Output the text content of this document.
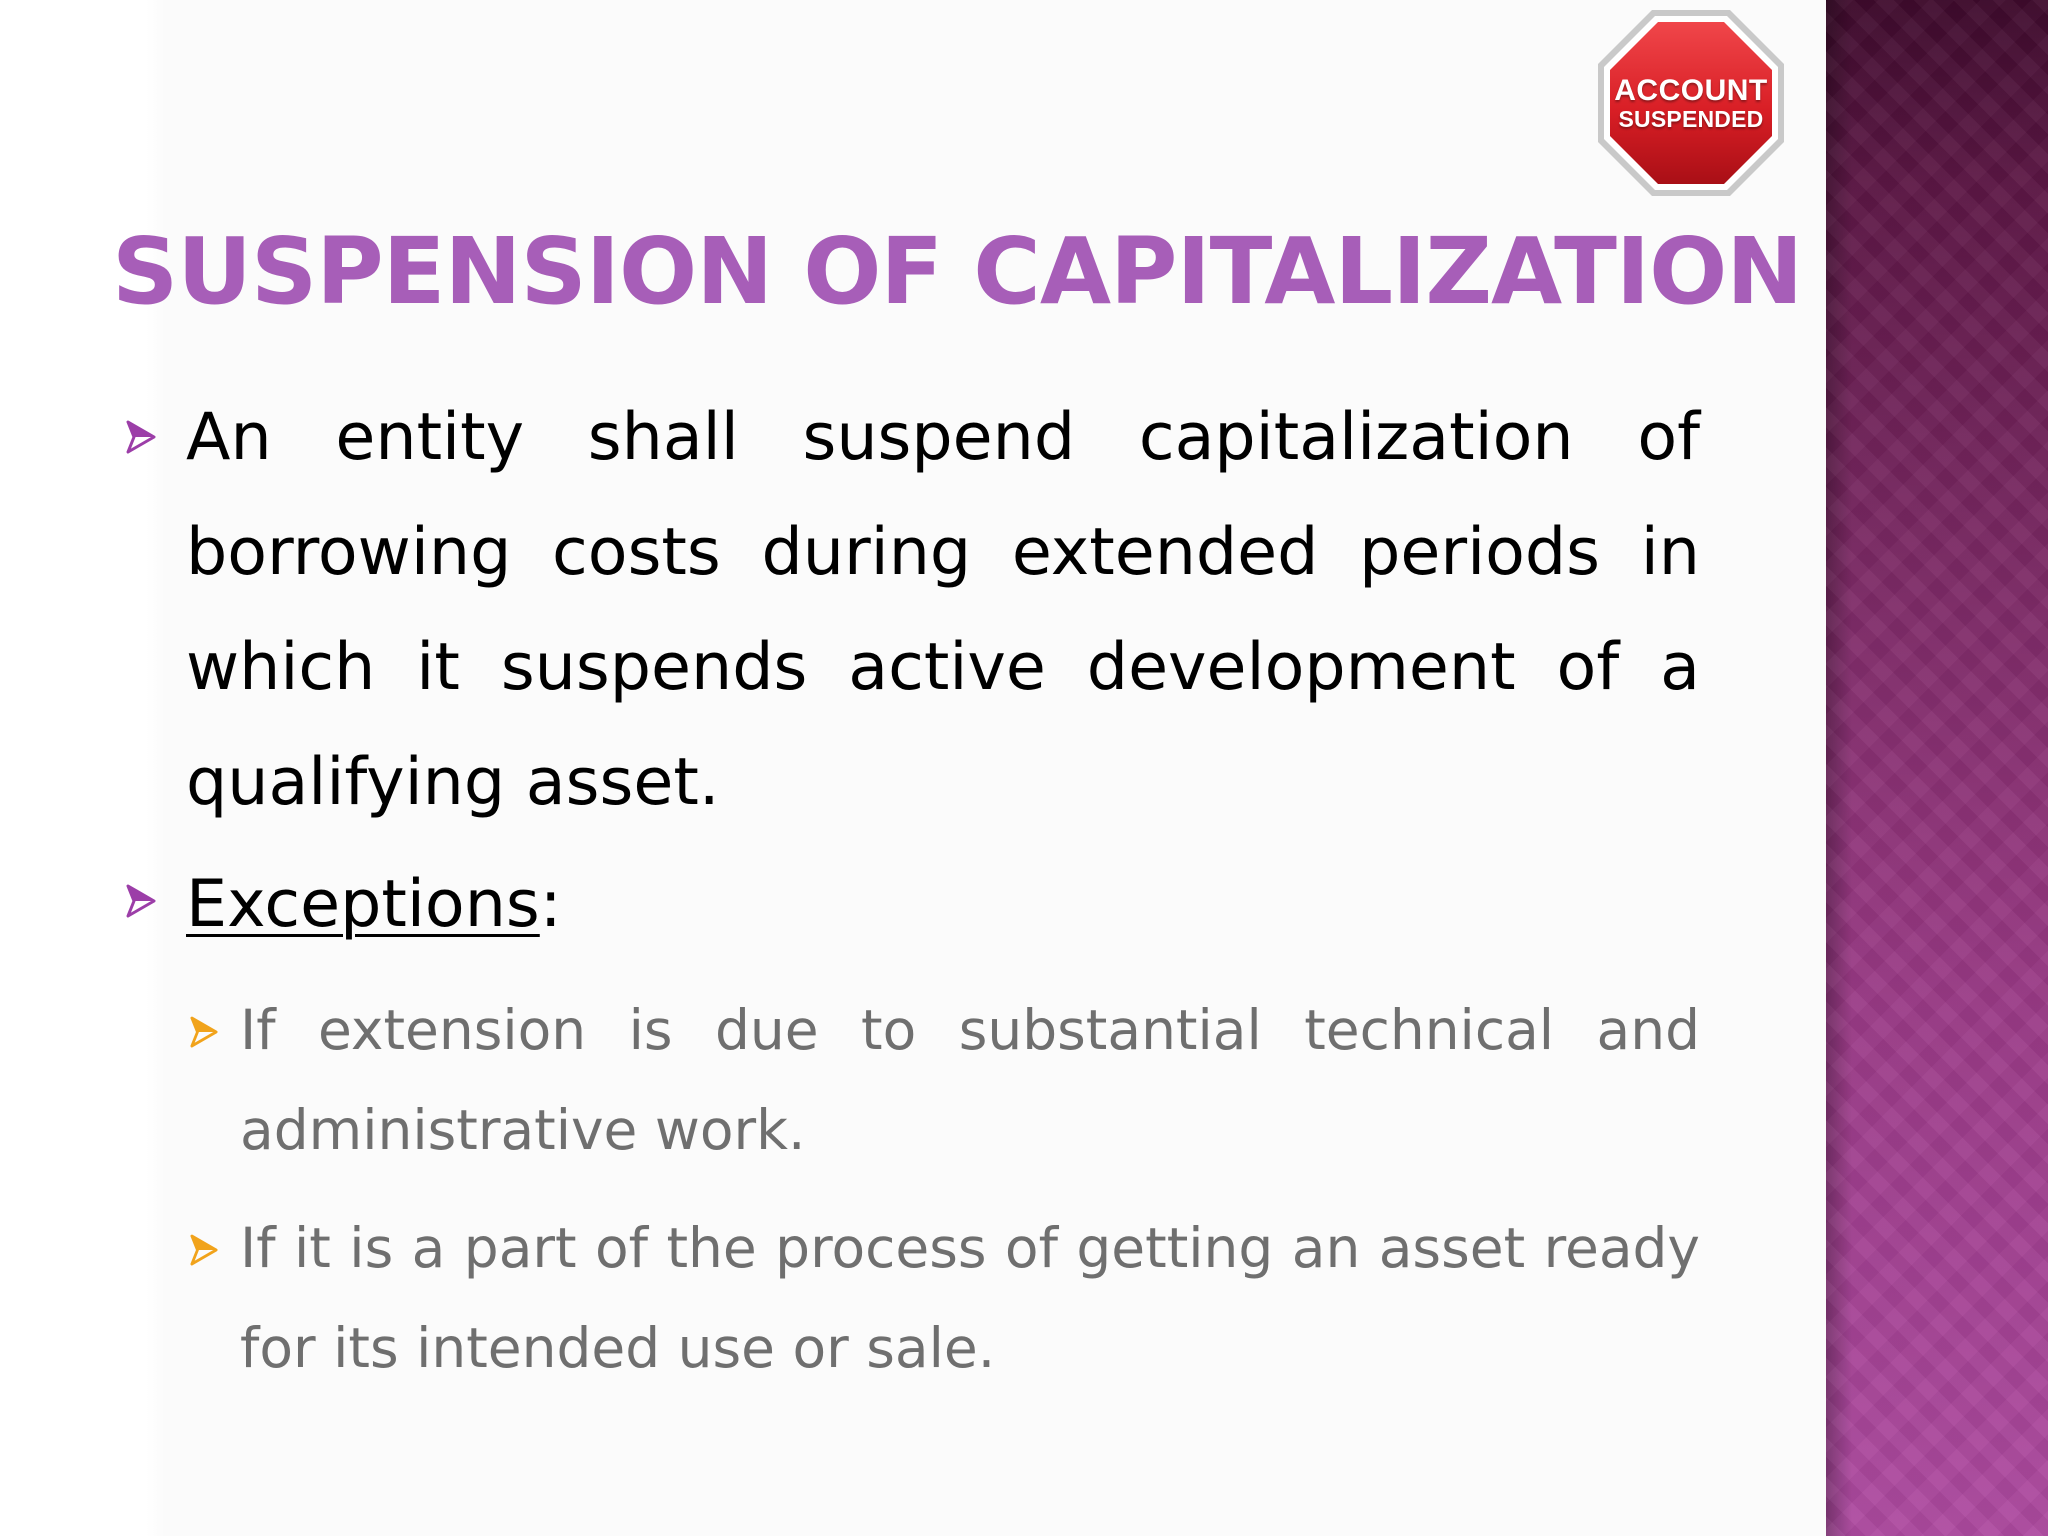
ACCOUNT
SUSPENDED
SUSPENSION OF CAPITALIZATION
An entity shall suspend capitalization of borrowing costs during extended periods in which it suspends active development of a qualifying asset.
Exceptions:
If extension is due to substantial technical and administrative work.
If it is a part of the process of getting an asset ready for its intended use or sale.
